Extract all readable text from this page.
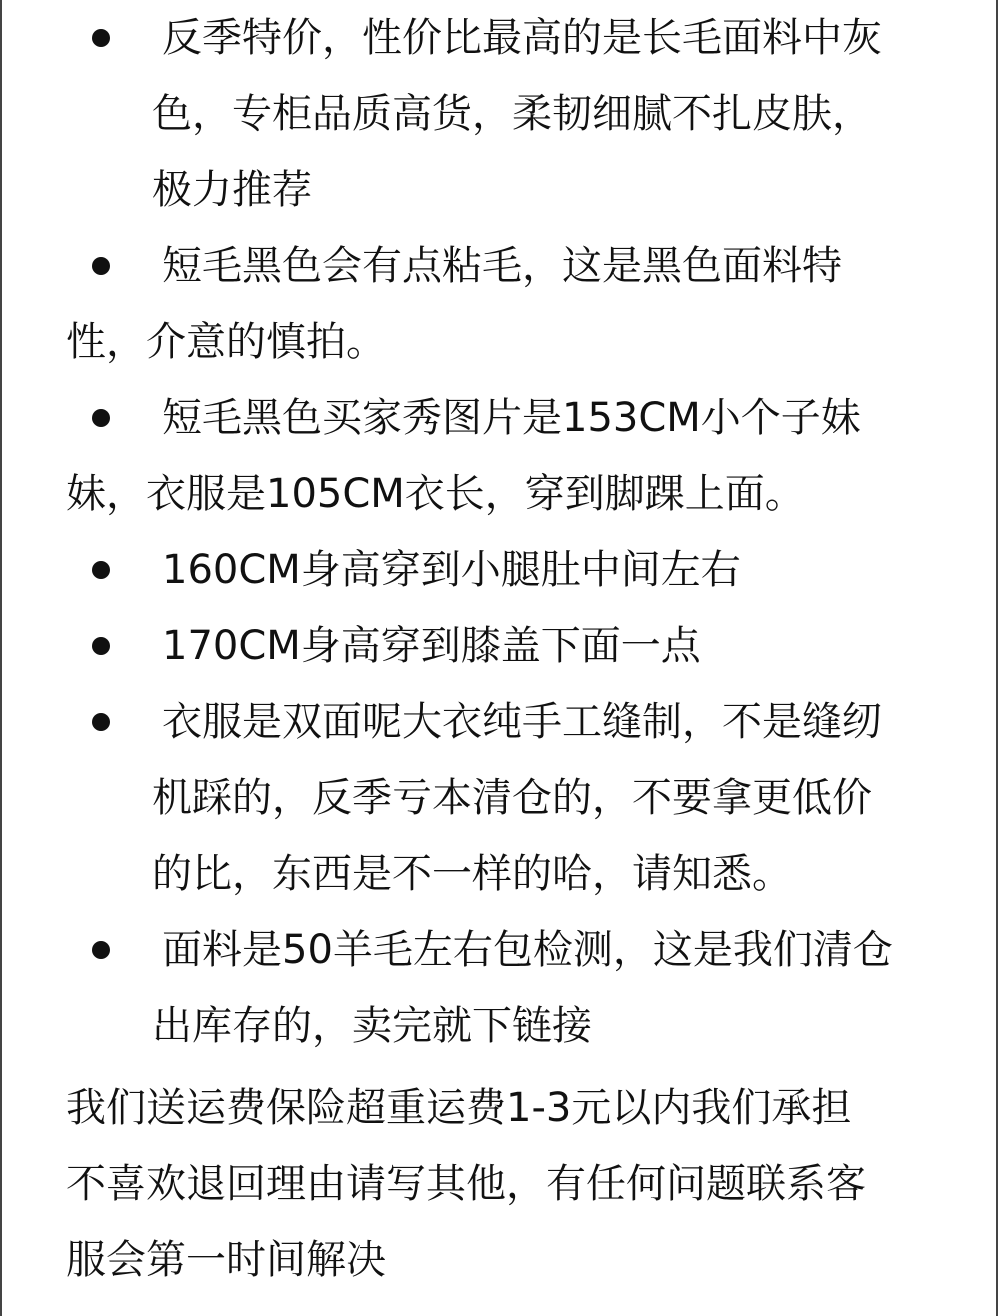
反季特价，性价比最高的是长毛面料中灰
色，专柜品质高货，柔韧细腻不扎皮肤，
极力推荐
短毛黑色会有点粘毛，这是黑色面料特
性，介意的慎拍。
短毛黑色买家秀图片是153CM小个子妹
妹，衣服是105CM衣长，穿到脚踝上面。
160CM身高穿到小腿肚中间左右
170CM身高穿到膝盖下面一点
衣服是双面呢大衣纯手工缝制，不是缝纫
机踩的，反季亏本清仓的，不要拿更低价
的比，东西是不一样的哈，请知悉。
面料是50羊毛左右包检测，这是我们清仓
出库存的，卖完就下链接
我们送运费保险超重运费1-3元以内我们承担
不喜欢退回理由请写其他，有任何问题联系客
服会第一时间解决
